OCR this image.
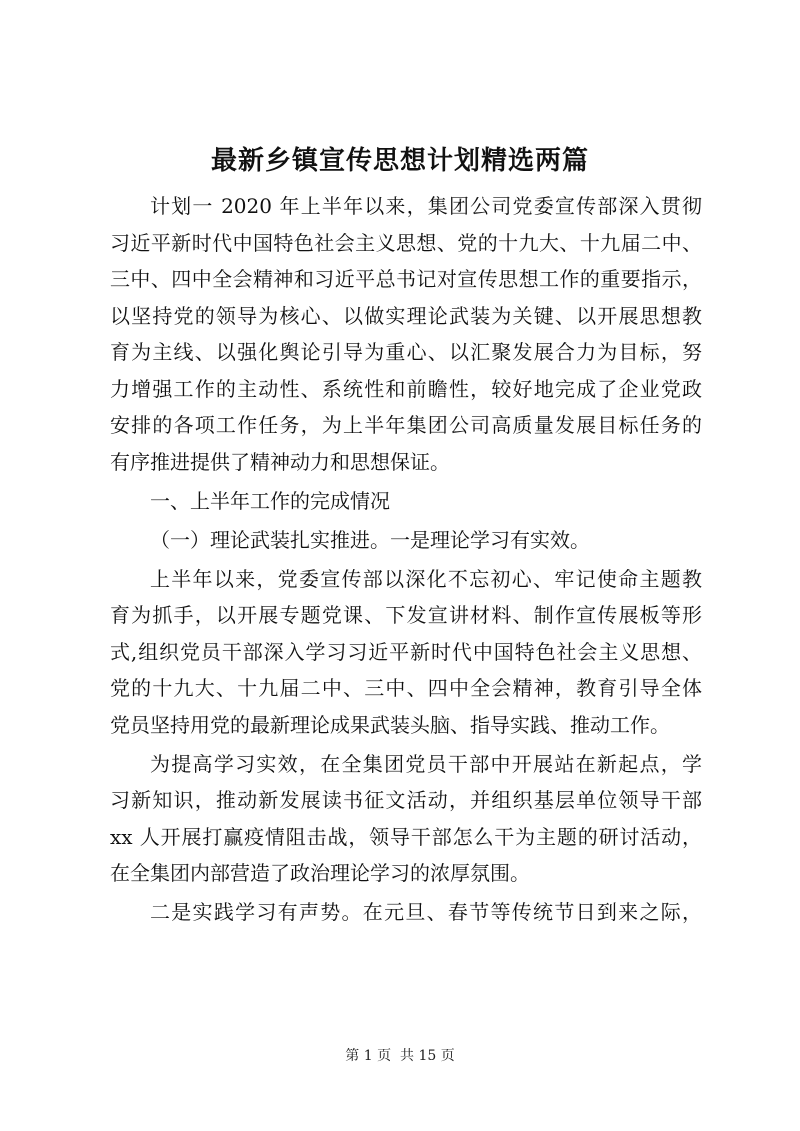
最新乡镇宣传思想计划精选两篇
计划一 2020 年上半年以来，集团公司党委宣传部深入贯彻
习近平新时代中国特色社会主义思想、党的十九大、十九届二中、
三中、四中全会精神和习近平总书记对宣传思想工作的重要指示，
以坚持党的领导为核心、以做实理论武装为关键、以开展思想教
育为主线、以强化舆论引导为重心、以汇聚发展合力为目标，努
力增强工作的主动性、系统性和前瞻性，较好地完成了企业党政
安排的各项工作任务，为上半年集团公司高质量发展目标任务的
有序推进提供了精神动力和思想保证。
一、上半年工作的完成情况
（一）理论武装扎实推进。一是理论学习有实效。
上半年以来，党委宣传部以深化不忘初心、牢记使命主题教
育为抓手，以开展专题党课、下发宣讲材料、制作宣传展板等形
式,组织党员干部深入学习习近平新时代中国特色社会主义思想、
党的十九大、十九届二中、三中、四中全会精神，教育引导全体
党员坚持用党的最新理论成果武装头脑、指导实践、推动工作。
为提高学习实效，在全集团党员干部中开展站在新起点，学
习新知识，推动新发展读书征文活动，并组织基层单位领导干部
xx 人开展打赢疫情阻击战，领导干部怎么干为主题的研讨活动，
在全集团内部营造了政治理论学习的浓厚氛围。
二是实践学习有声势。在元旦、春节等传统节日到来之际，
第 1 页  共 15 页
